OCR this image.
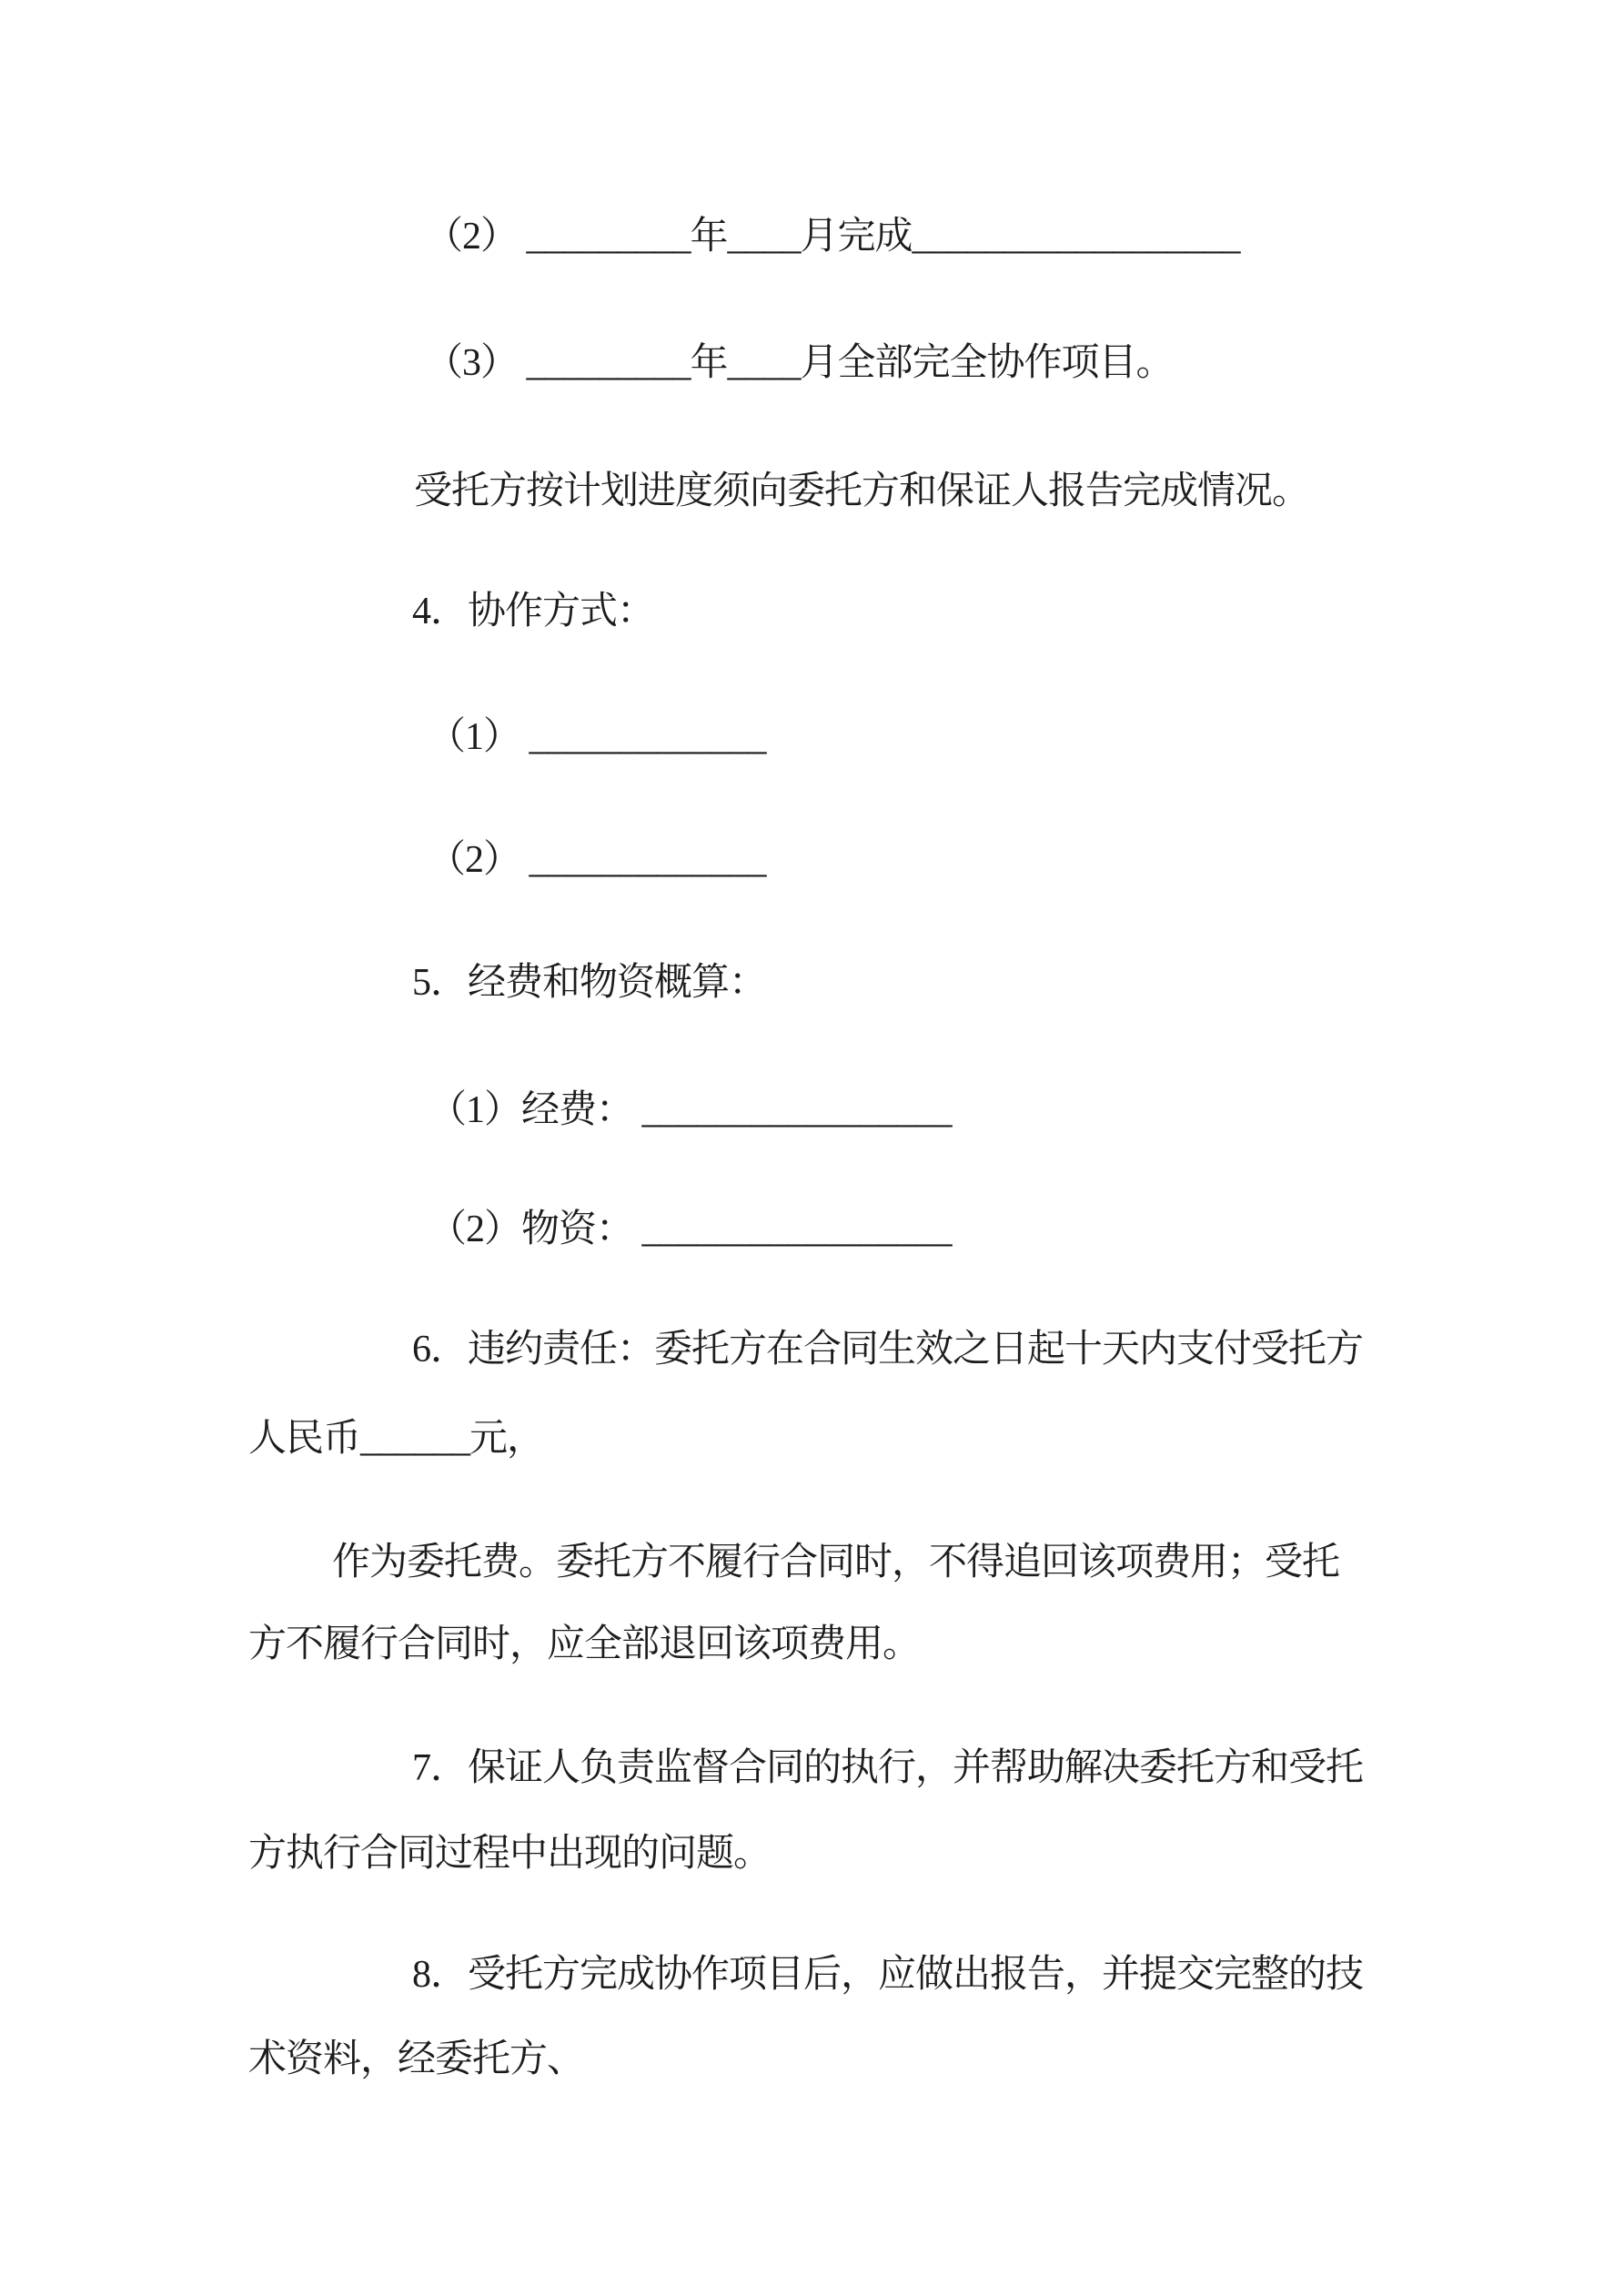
（2） _________年____月完成__________________
（3） _________年____月全部完全协作项目。
受托方按计划进度须向委托方和保证人报告完成情况。
4．协作方式：
（1） _____________
（2） _____________
5．经费和物资概算：
（1）经费： _________________
（2）物资： _________________
6．违约责任：委托方在合同生效之日起十天内支付受托方
人民币______元，
作为委托费。委托方不履行合同时，不得追回该项费用；受托
方不履行合同时，应全部退回该项费用。
7．保证人负责监督合同的执行，并帮助解决委托方和受托
方执行合同过程中出现的问题。
8．受托方完成协作项目后，应做出报告，并提交完整的技
术资料，经委托方、
